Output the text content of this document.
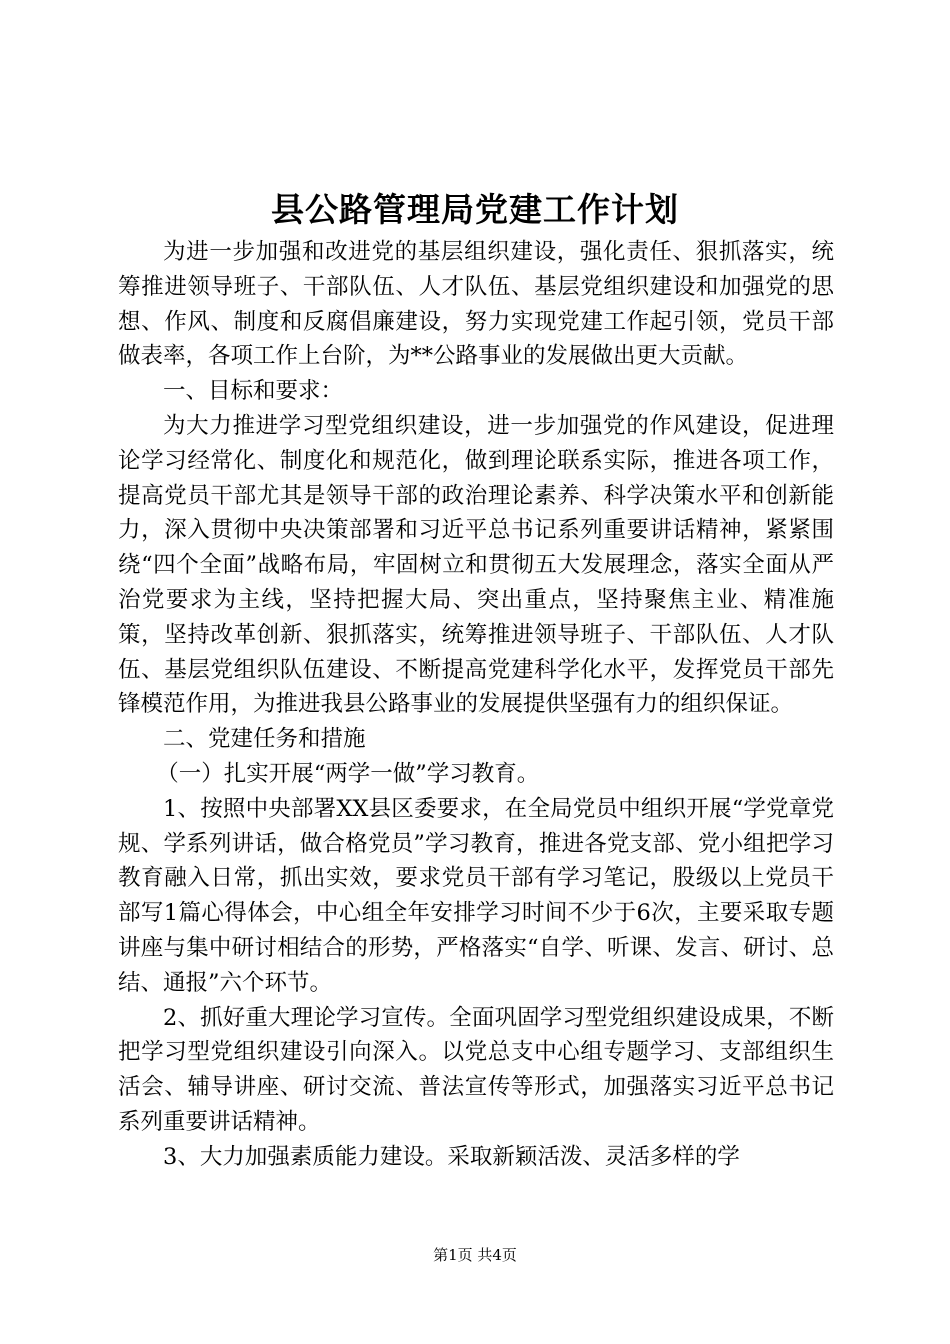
县公路管理局党建工作计划

为进一步加强和改进党的基层组织建设，强化责任、狠抓落实，统筹推进领导班子、干部队伍、人才队伍、基层党组织建设和加强党的思想、作风、制度和反腐倡廉建设，努力实现党建工作起引领，党员干部做表率，各项工作上台阶，为**公路事业的发展做出更大贡献。

一、目标和要求：

为大力推进学习型党组织建设，进一步加强党的作风建设，促进理论学习经常化、制度化和规范化，做到理论联系实际，推进各项工作，提高党员干部尤其是领导干部的政治理论素养、科学决策水平和创新能力，深入贯彻中央决策部署和习近平总书记系列重要讲话精神，紧紧围绕“四个全面”战略布局，牢固树立和贯彻五大发展理念，落实全面从严治党要求为主线，坚持把握大局、突出重点，坚持聚焦主业、精准施策，坚持改革创新、狠抓落实，统筹推进领导班子、干部队伍、人才队伍、基层党组织队伍建设、不断提高党建科学化水平，发挥党员干部先锋模范作用，为推进我县公路事业的发展提供坚强有力的组织保证。

二、党建任务和措施

（一）扎实开展“两学一做”学习教育。

1、按照中央部署XX县区委要求，在全局党员中组织开展“学党章党规、学系列讲话，做合格党员”学习教育，推进各党支部、党小组把学习教育融入日常，抓出实效，要求党员干部有学习笔记，股级以上党员干部写1篇心得体会，中心组全年安排学习时间不少于6次，主要采取专题讲座与集中研讨相结合的形势，严格落实“自学、听课、发言、研讨、总结、通报”六个环节。

2、抓好重大理论学习宣传。全面巩固学习型党组织建设成果，不断把学习型党组织建设引向深入。以党总支中心组专题学习、支部组织生活会、辅导讲座、研讨交流、普法宣传等形式，加强落实习近平总书记系列重要讲话精神。

3、大力加强素质能力建设。采取新颖活泼、灵活多样的学

第1页 共4页
